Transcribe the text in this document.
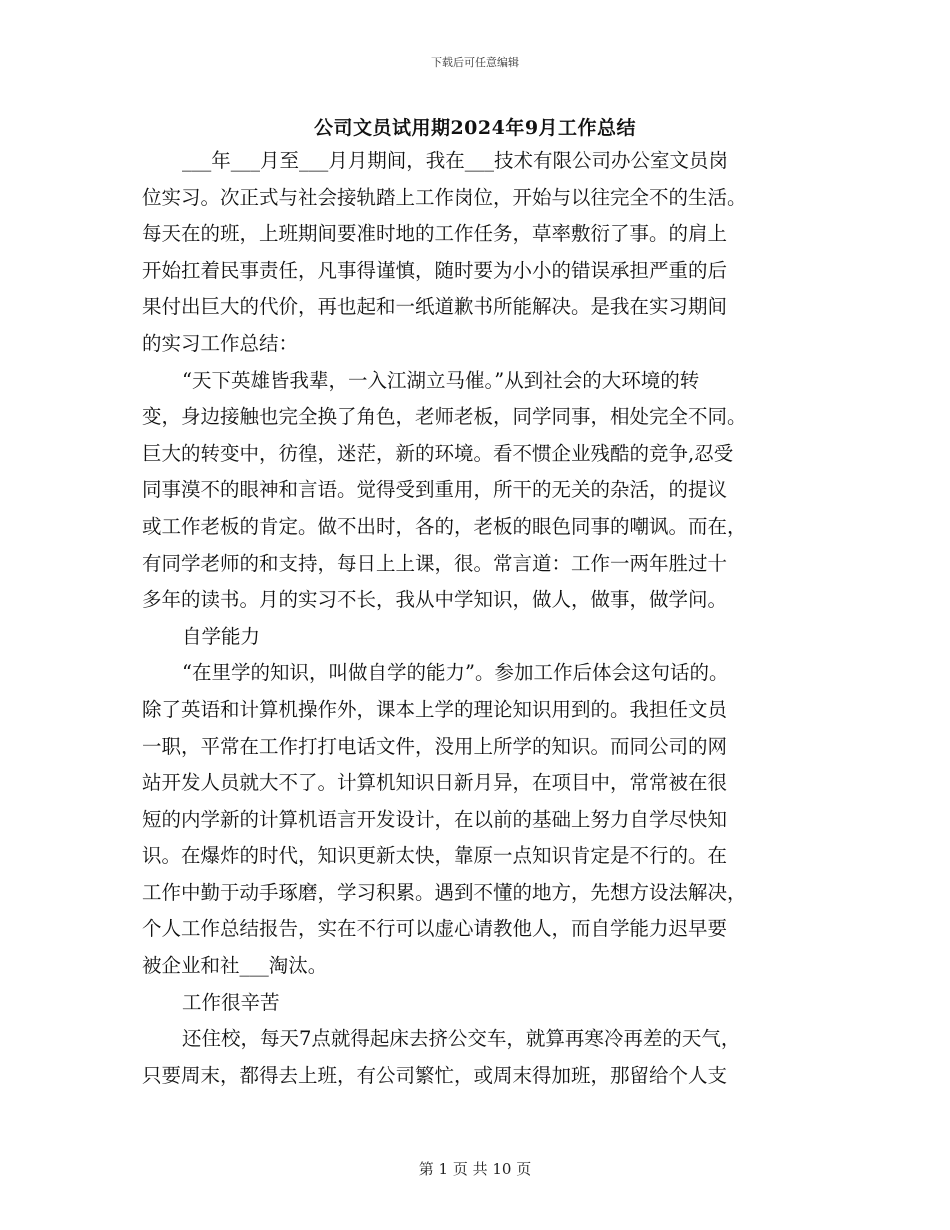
下载后可任意编辑
公司文员试用期2024年9月工作总结
___年___月至___月月期间，我在___技术有限公司办公室文员岗
位实习。次正式与社会接轨踏上工作岗位，开始与以往完全不的生活。
每天在的班，上班期间要准时地的工作任务，草率敷衍了事。的肩上
开始扛着民事责任，凡事得谨慎，随时要为小小的错误承担严重的后
果付出巨大的代价，再也起和一纸道歉书所能解决。是我在实习期间
的实习工作总结：
“天下英雄皆我辈，一入江湖立马催。”从到社会的大环境的转
变，身边接触也完全换了角色，老师老板，同学同事，相处完全不同。
巨大的转变中，彷徨，迷茫，新的环境。看不惯企业残酷的竞争,忍受
同事漠不的眼神和言语。觉得受到重用，所干的无关的杂活，的提议
或工作老板的肯定。做不出时，各的，老板的眼色同事的嘲讽。而在，
有同学老师的和支持，每日上上课，很。常言道：工作一两年胜过十
多年的读书。月的实习不长，我从中学知识，做人，做事，做学问。
自学能力
“在里学的知识，叫做自学的能力”。参加工作后体会这句话的。
除了英语和计算机操作外，课本上学的理论知识用到的。我担任文员
一职，平常在工作打打电话文件，没用上所学的知识。而同公司的网
站开发人员就大不了。计算机知识日新月异，在项目中，常常被在很
短的内学新的计算机语言开发设计，在以前的基础上努力自学尽快知
识。在爆炸的时代，知识更新太快，靠原一点知识肯定是不行的。在
工作中勤于动手琢磨，学习积累。遇到不懂的地方，先想方设法解决，
个人工作总结报告，实在不行可以虚心请教他人，而自学能力迟早要
被企业和社___淘汰。
工作很辛苦
还住校，每天7点就得起床去挤公交车，就算再寒冷再差的天气，
只要周末，都得去上班，有公司繁忙，或周末得加班，那留给个人支
第 1 页 共 10 页
